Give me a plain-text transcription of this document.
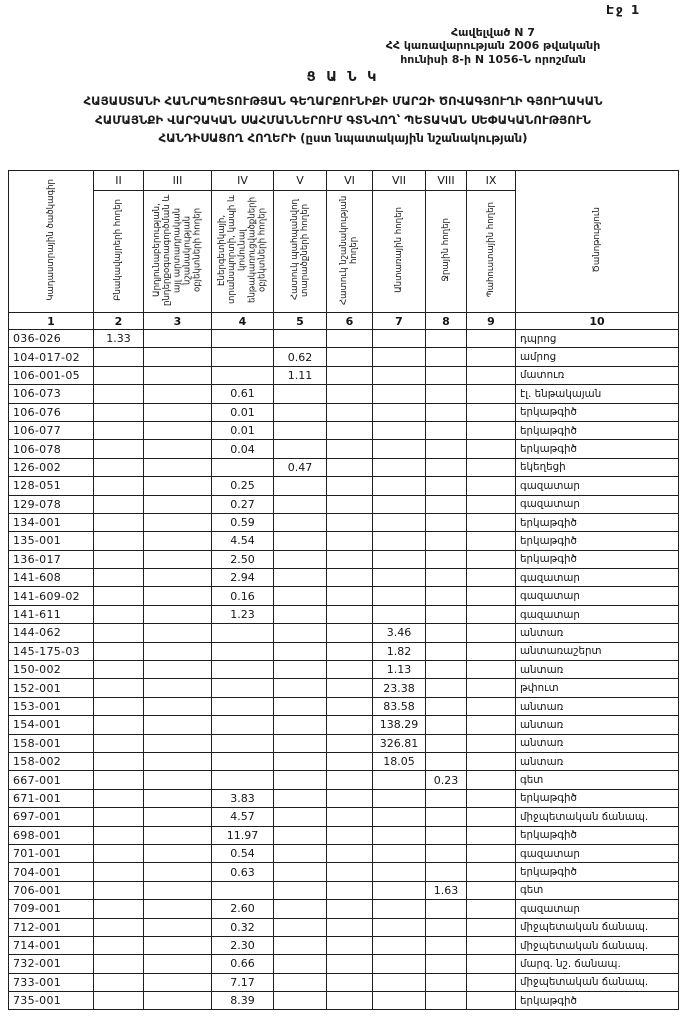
Էջ 1
Հավելված N 7
ՀՀ կառավարության 2006 թվականի
հունիսի 8-ի N 1056-Ն որոշման
Ց Ա Ն Կ
ՀԱՅԱՍՏԱՆԻ ՀԱՆՐԱՊԵՏՈՒԹՅԱՆ ԳԵՂԱՐՔՈՒՆԻՔԻ ՄԱՐԶԻ ԾՈՎԱԳՅՈՒՂԻ ԳՅՈՒՂԱԿԱՆ
ՀԱՄԱՅՆՔԻ ՎԱՐՉԱԿԱՆ ՍԱՀՄԱՆՆԵՐՈՒՄ ԳՏՆՎՈՂ՝ ՊԵՏԱԿԱՆ ՍԵՓԱԿԱՆՈՒԹՅՈՒՆ
ՀԱՆԴԻՍԱՑՈՂ ՀՈՂԵՐԻ (ըստ նպատակային նշանակության)
Կադաստրային ծածկագիր	II	III	IV	V	VI	VII	VIII	IX	Ծանոթություն
	Բնակավայրերի հողեր	Արդյունաբերության, ընդերքօգտագործման և այլ արտադրական նշանակության օբյեկտների հողեր	Էներգետիկայի, տրանսպորտի, կապի և կոմունալ ենթակառուցվածքների օբյեկտների հողեր	Հատուկ պահպանվող տարածքների հողեր	Հատուկ նշանակության հողեր	Անտառային հողեր	Ջրային հողեր	Պահուստային հողեր	
1	2	3	4	5	6	7	8	9	10
036-026	1.33								դպրոց
104-017-02				0.62					ամրոց
106-001-05				1.11					մատուռ
106-073			0.61						էլ. ենթակայան
106-076			0.01						երկաթգիծ
106-077			0.01						երկաթգիծ
106-078			0.04						երկաթգիծ
126-002				0.47					եկեղեցի
128-051			0.25						գազատար
129-078			0.27						գազատար
134-001			0.59						երկաթգիծ
135-001			4.54						երկաթգիծ
136-017			2.50						երկաթգիծ
141-608			2.94						գազատար
141-609-02			0.16						գազատար
141-611			1.23						գազատար
144-062						3.46			անտառ
145-175-03						1.82			անտառաշերտ
150-002						1.13			անտառ
152-001						23.38			թփուտ
153-001						83.58			անտառ
154-001						138.29			անտառ
158-001						326.81			անտառ
158-002						18.05			անտառ
667-001							0.23		գետ
671-001			3.83						երկաթգիծ
697-001			4.57						միջպետական ճանապ.
698-001			11.97						երկաթգիծ
701-001			0.54						գազատար
704-001			0.63						երկաթգիծ
706-001							1.63		գետ
709-001			2.60						գազատար
712-001			0.32						միջպետական ճանապ.
714-001			2.30						միջպետական ճանապ.
732-001			0.66						մարզ. նշ. ճանապ.
733-001			7.17						միջպետական ճանապ.
735-001			8.39						երկաթգիծ
